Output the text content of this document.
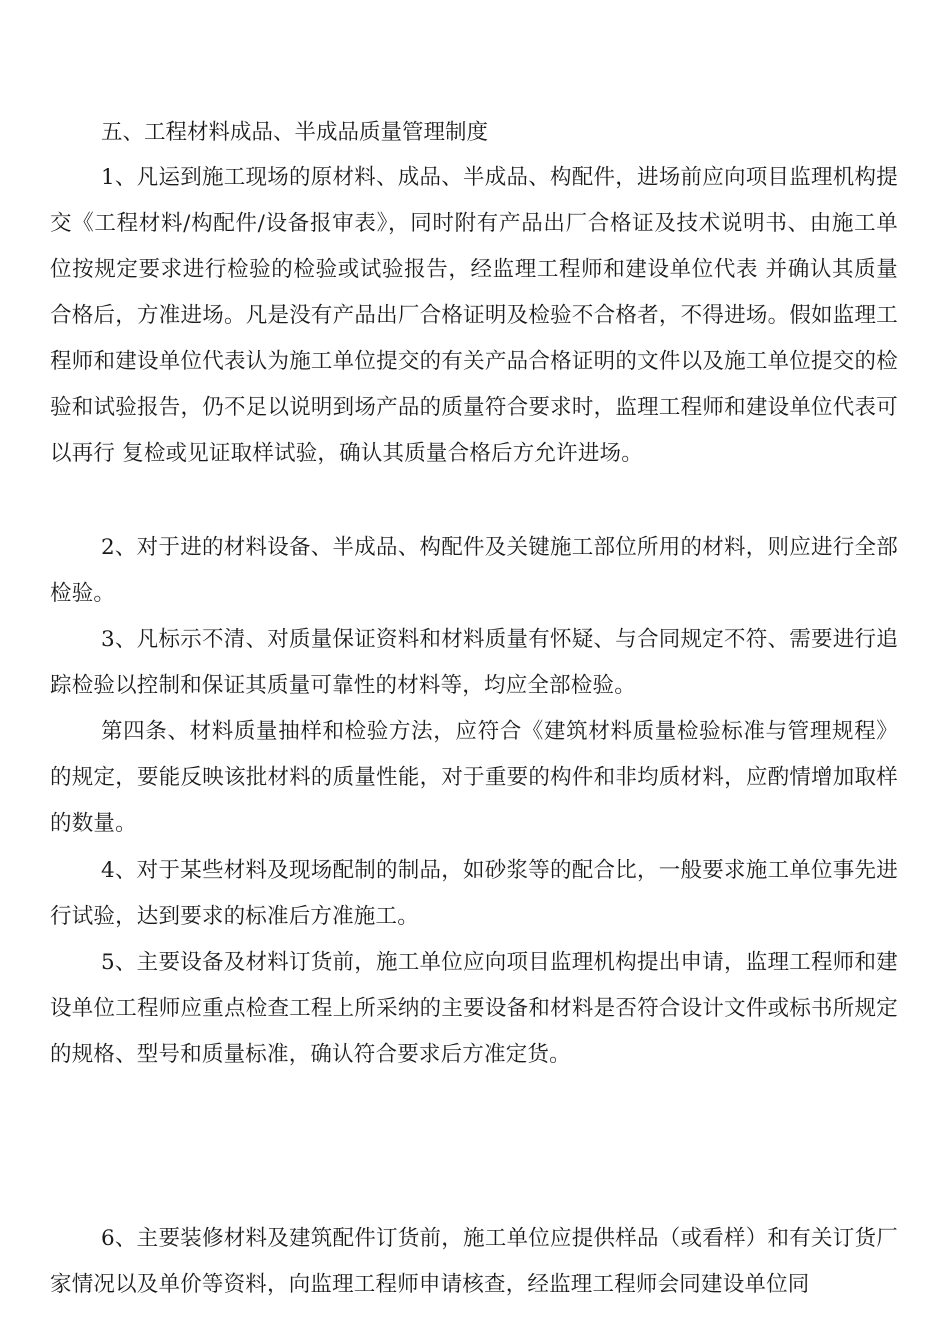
五、工程材料成品、半成品质量管理制度

1、凡运到施工现场的原材料、成品、半成品、构配件，进场前应向项目监理机构提交《工程材料/构配件/设备报审表》，同时附有产品出厂合格证及技术说明书、由施工单位按规定要求进行检验的检验或试验报告，经监理工程师和建设单位代表 并确认其质量合格后，方准进场。凡是没有产品出厂合格证明及检验不合格者，不得进场。假如监理工程师和建设单位代表认为施工单位提交的有关产品合格证明的文件以及施工单位提交的检验和试验报告，仍不足以说明到场产品的质量符合要求时，监理工程师和建设单位代表可以再行 复检或见证取样试验，确认其质量合格后方允许进场。

2、对于进的材料设备、半成品、构配件及关键施工部位所用的材料，则应进行全部检验。

3、凡标示不清、对质量保证资料和材料质量有怀疑、与合同规定不符、需要进行追踪检验以控制和保证其质量可靠性的材料等，均应全部检验。

第四条、材料质量抽样和检验方法，应符合《建筑材料质量检验标准与管理规程》的规定，要能反映该批材料的质量性能，对于重要的构件和非均质材料，应酌情增加取样的数量。

4、对于某些材料及现场配制的制品，如砂浆等的配合比，一般要求施工单位事先进行试验，达到要求的标准后方准施工。

5、主要设备及材料订货前，施工单位应向项目监理机构提出申请，监理工程师和建设单位工程师应重点检查工程上所采纳的主要设备和材料是否符合设计文件或标书所规定的规格、型号和质量标准，确认符合要求后方准定货。

6、主要装修材料及建筑配件订货前，施工单位应提供样品（或看样）和有关订货厂家情况以及单价等资料，向监理工程师申请核查，经监理工程师会同建设单位同
